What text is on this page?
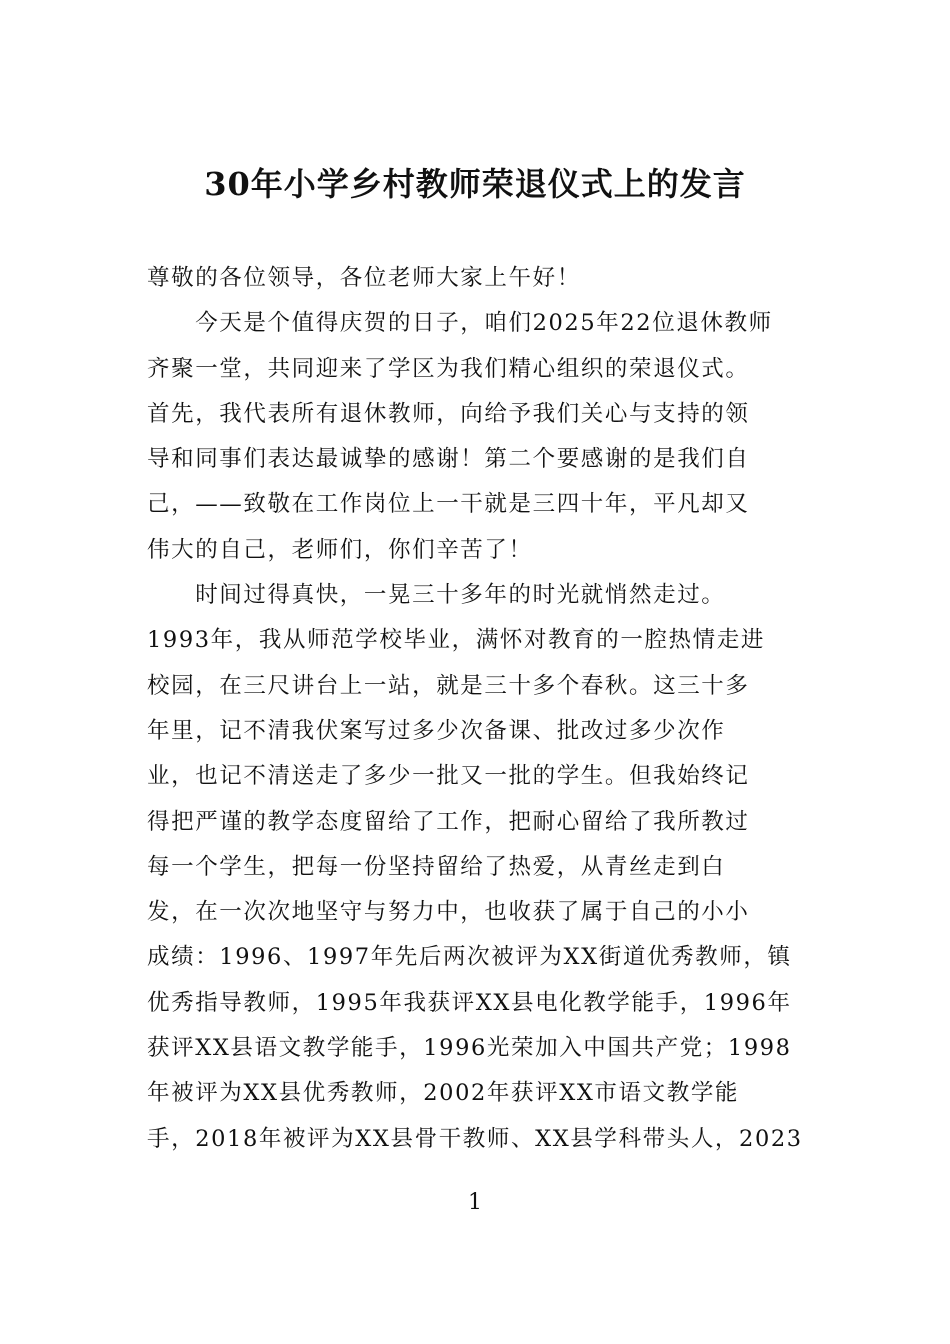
30年小学乡村教师荣退仪式上的发言
尊敬的各位领导，各位老师大家上午好！
　　今天是个值得庆贺的日子，咱们2025年22位退休教师
齐聚一堂，共同迎来了学区为我们精心组织的荣退仪式。
首先，我代表所有退休教师，向给予我们关心与支持的领
导和同事们表达最诚挚的感谢！第二个要感谢的是我们自
己，——致敬在工作岗位上一干就是三四十年，平凡却又
伟大的自己，老师们，你们辛苦了！
　　时间过得真快，一晃三十多年的时光就悄然走过。
1993年，我从师范学校毕业，满怀对教育的一腔热情走进
校园，在三尺讲台上一站，就是三十多个春秋。这三十多
年里，记不清我伏案写过多少次备课、批改过多少次作
业，也记不清送走了多少一批又一批的学生。但我始终记
得把严谨的教学态度留给了工作，把耐心留给了我所教过
每一个学生，把每一份坚持留给了热爱，从青丝走到白
发，在一次次地坚守与努力中，也收获了属于自己的小小
成绩：1996、1997年先后两次被评为XX街道优秀教师，镇
优秀指导教师，1995年我获评XX县电化教学能手，1996年
获评XX县语文教学能手，1996光荣加入中国共产党；1998
年被评为XX县优秀教师，2002年获评XX市语文教学能
手，2018年被评为XX县骨干教师、XX县学科带头人，2023
1
